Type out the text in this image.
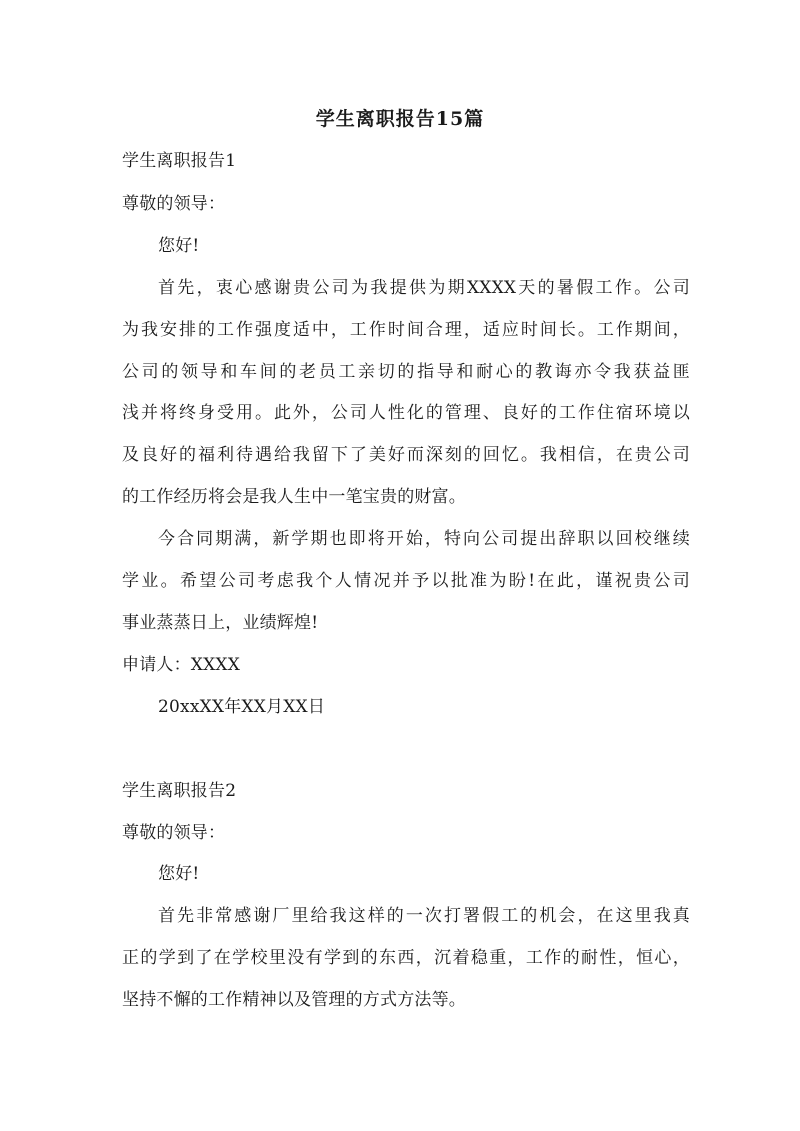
学生离职报告15篇
学生离职报告1
尊敬的领导：
您好!
首先，衷心感谢贵公司为我提供为期XXXX天的暑假工作。公司
为我安排的工作强度适中，工作时间合理，适应时间长。工作期间，
公司的领导和车间的老员工亲切的指导和耐心的教诲亦令我获益匪
浅并将终身受用。此外，公司人性化的管理、良好的工作住宿环境以
及良好的福利待遇给我留下了美好而深刻的回忆。我相信，在贵公司
的工作经历将会是我人生中一笔宝贵的财富。
今合同期满，新学期也即将开始，特向公司提出辞职以回校继续
学业。希望公司考虑我个人情况并予以批准为盼!在此，谨祝贵公司
事业蒸蒸日上，业绩辉煌!
申请人：XXXX
20xxXX年XX月XX日
学生离职报告2
尊敬的领导：
您好!
首先非常感谢厂里给我这样的一次打署假工的机会，在这里我真
正的学到了在学校里没有学到的东西，沉着稳重，工作的耐性，恒心，
坚持不懈的工作精神以及管理的方式方法等。
